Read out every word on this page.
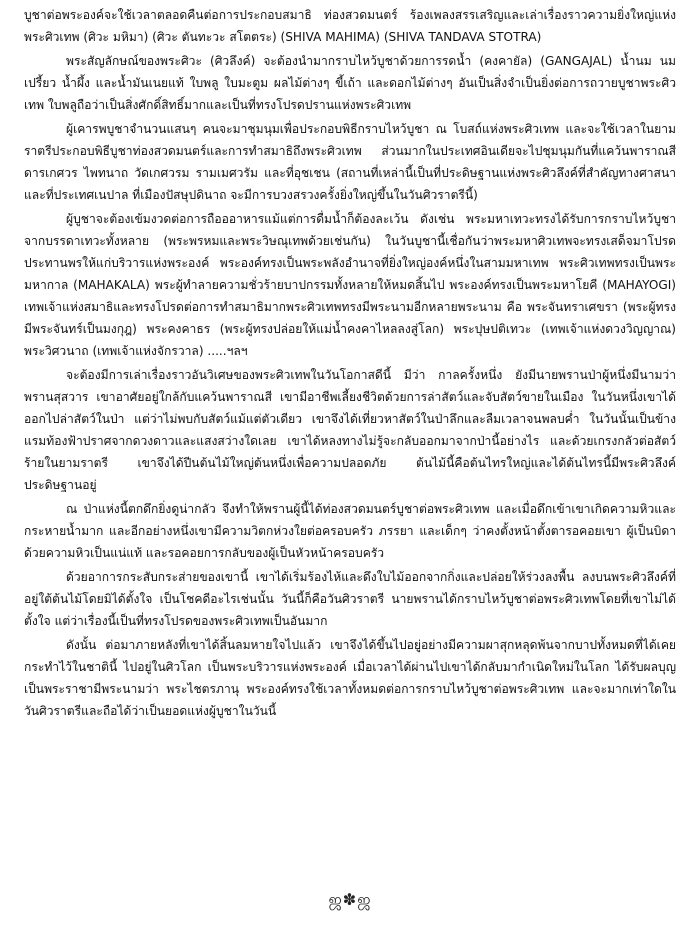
บูชาต่อพระองค์จะใช้เวลาตลอดคืนต่อการประกอบสมาธิ ท่องสวดมนตร์ ร้องเพลงสรรเสริญและเล่าเรื่องราวความยิ่งใหญ่แห่งพระศิวเทพ (ศิวะ มหิมา) (ศิวะ ตันทะวะ สโตตระ) (SHIVA MAHIMA) (SHIVA TANDAVA STOTRA)

พระสัญลักษณ์ของพระศิวะ (ศิวลึงค์) จะต้องนำมากราบไหว้บูชาด้วยการรดน้ำ (คงคายัล) (GANGAJAL) น้ำนม นมเปรี้ยว น้ำผึ้ง และน้ำมันเนยแท้ ใบพลู ใบมะตูม ผลไม้ต่างๆ ขี้เถ้า และดอกไม้ต่างๆ อันเป็นสิ่งจำเป็นยิ่งต่อการถวายบูชาพระศิวเทพ ใบพลูถือว่าเป็นสิ่งศักดิ์สิทธิ์มากและเป็นที่ทรงโปรดปรานแห่งพระศิวเทพ

ผู้เคารพบูชาจำนวนแสนๆ คนจะมาชุมนุมเพื่อประกอบพิธีกราบไหว้บูชา ณ โบสถ์แห่งพระศิวเทพ และจะใช้เวลาในยามราตรีประกอบพิธีบูชาท่องสวดมนตร์และการทำสมาธิถึงพระศิวเทพ ส่วนมากในประเทศอินเดียจะไปชุมนุมกันที่แคว้นพาราณสี ดารเกศวร ไพทนาถ วัดเกศวรม รามเมศวรัม และที่อุชเชน (สถานที่เหล่านี้เป็นที่ประดิษฐานแห่งพระศิวลึงค์ที่สำคัญทางศาสนา และที่ประเทศเนปาล ที่เมืองปัสษุปดินาถ จะมีการบวงสรวงครั้งยิ่งใหญ่ขึ้นในวันศิวราตรีนี้)

ผู้บูชาจะต้องเข้มงวดต่อการถือออาหารแม้แต่การดื่มน้ำก็ต้องละเว้น ดังเช่น พระมหาเทวะทรงได้รับการกราบไหว้บูชาจากบรรดาเทวะทั้งหลาย (พระพรหมและพระวิษณุเทพด้วยเช่นกัน) ในวันบูชานี้เชื่อกันว่าพระมหาศิวเทพจะทรงเสด็จมาโปรดประทานพรให้แก่บริวารแห่งพระองค์ พระองค์ทรงเป็นพระพลังอำนาจที่ยิ่งใหญ่องค์หนึ่งในสามมหาเทพ พระศิวเทพทรงเป็นพระมหากาล (MAHAKALA) พระผู้ทำลายความชั่วร้ายบาปกรรมทั้งหลายให้หมดสิ้นไป พระองค์ทรงเป็นพระมหาโยคี (MAHAYOGI) เทพเจ้าแห่งสมาธิและทรงโปรดต่อการทำสมาธิมากพระศิวเทพทรงมีพระนามอีกหลายพระนาม คือ พระจันทราเศขรา (พระผู้ทรงมีพระจันทร์เป็นมงกุฎ) พระคงคาธร (พระผู้ทรงปล่อยให้แม่น้ำคงคาไหลลงสู่โลก) พระปุษปติเทวะ (เทพเจ้าแห่งดวงวิญญาณ) พระวิศวนาถ (เทพเจ้าแห่งจักรวาล) .....ฯลฯ

จะต้องมีการเล่าเรื่องราวอันวิเศษของพระศิวเทพในวันโอกาสดีนี้ มีว่า กาลครั้งหนึ่ง ยังมีนายพรานป่าผู้หนึ่งมีนามว่า พรานสุสวาร เขาอาศัยอยู่ใกล้กับแคว้นพาราณสี เขามีอาชีพเลี้ยงชีวิตด้วยการล่าสัตว์และจับสัตว์ขายในเมือง ในวันหนึ่งเขาได้ออกไปล่าสัตว์ในป่า แต่ว่าไม่พบกับสัตว์แม้แต่ตัวเดียว เขาจึงได้เที่ยวหาสัตว์ในป่าลึกและลืมเวลาจนพลบค่ำ ในวันนั้นเป็นข้างแรมท้องฟ้าปราศจากดวงดาวและแสงสว่างใดเลย เขาได้หลงทางไม่รู้จะกลับออกมาจากป่านี้อย่างไร และด้วยเกรงกลัวต่อสัตว์ร้ายในยามราตรี เขาจึงได้ปีนต้นไม้ใหญ่ต้นหนึ่งเพื่อความปลอดภัย ต้นไม้นี้คือต้นไทรใหญ่และได้ต้นไทรนี้มีพระศิวลึงค์ประดิษฐานอยู่

ณ ป่าแห่งนี้ตกดึกยิ่งดูน่ากลัว จึงทำให้พรานผู้นี้ได้ท่องสวดมนตร์บูชาต่อพระศิวเทพ และเมื่อดึกเข้าเขาเกิดความหิวและกระหายน้ำมาก และอีกอย่างหนึ่งเขามีความวิตกห่วงใยต่อครอบครัว ภรรยา และเด็กๆ ว่าคงตั้งหน้าตั้งตารอคอยเขา ผู้เป็นบิดาด้วยความหิวเป็นแน่แท้ และรอคอยการกลับของผู้เป็นหัวหน้าครอบครัว

ด้วยอาการกระสับกระส่ายของเขานี้ เขาได้เริ่มร้องไห้และดึงใบไม้ออกจากกิ่งและปล่อยให้ร่วงลงพื้น ลงบนพระศิวลึงค์ที่อยู่ใต้ต้นไม้โดยมิได้ตั้งใจ เป็นโชคดีอะไรเช่นนั้น วันนี้ก็คือวันศิวราตรี นายพรานได้กราบไหว้บูชาต่อพระศิวเทพโดยที่เขาไม่ได้ตั้งใจ แต่ว่าเรื่องนี้เป็นที่ทรงโปรดของพระศิวเทพเป็นอันมาก

ดังนั้น ต่อมาภายหลังที่เขาได้สิ้นลมหายใจไปแล้ว เขาจึงได้ขึ้นไปอยู่อย่างมีความผาสุกหลุดพ้นจากบาปทั้งหมดที่ได้เคยกระทำไว้ในชาตินี้ ไปอยู่ในศิวโลก เป็นพระบริวารแห่งพระองค์ เมื่อเวลาได้ผ่านไปเขาได้กลับมากำเนิดใหม่ในโลก ได้รับผลบุญเป็นพระราชามีพระนามว่า พระไชตรภานุ พระองค์ทรงใช้เวลาทั้งหมดต่อการกราบไหว้บูชาต่อพระศิวเทพ และจะมากเท่าใดในวันศิวราตรีและถือได้ว่าเป็นยอดแห่งผู้บูชาในวันนี้

ஜ✽ஜ
